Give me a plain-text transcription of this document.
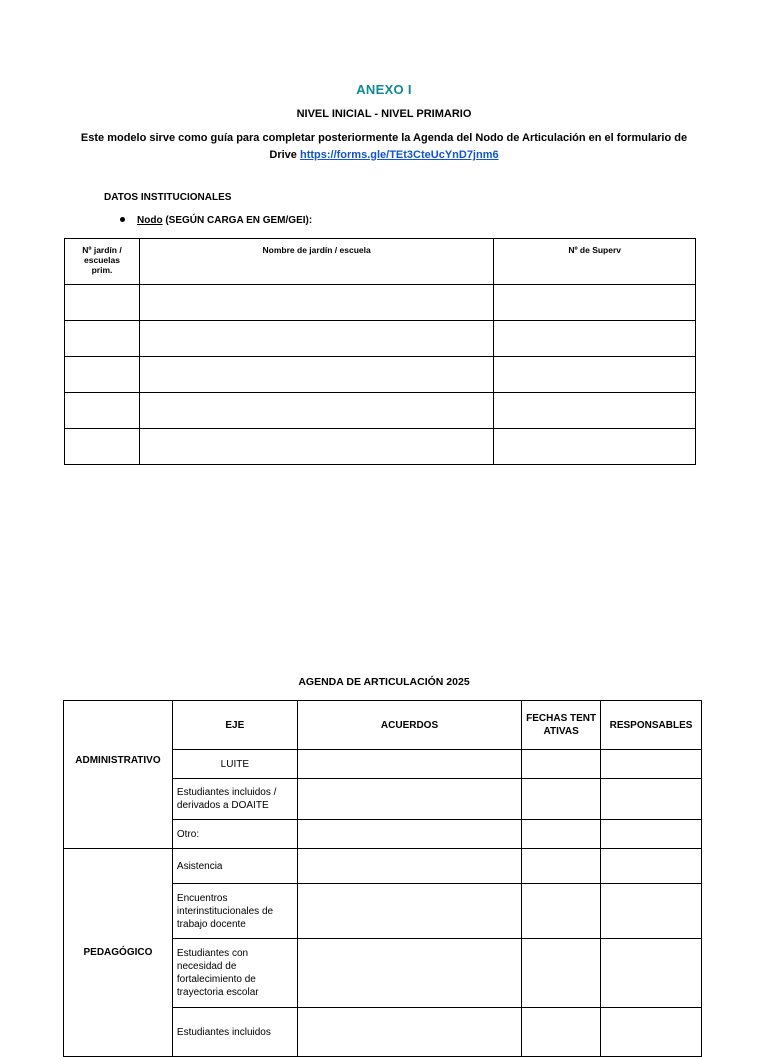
ANEXO I
NIVEL INICIAL - NIVEL PRIMARIO
Este modelo sirve como guía para completar posteriormente la Agenda del Nodo de Articulación en el formulario de Drive https://forms.gle/TEt3CteUcYnD7jnm6
DATOS INSTITUCIONALES
Nodo (SEGÚN CARGA EN GEM/GEI):
Nº jardín / escuelas prim.	Nombre de jardín / escuela	Nº de Superv

AGENDA DE ARTICULACIÓN 2025
	EJE	ACUERDOS	FECHAS TENTATIVAS	RESPONSABLES
ADMINISTRATIVO	LUITE			
	Estudiantes incluidos / derivados a DOAITE			
	Otro:			
PEDAGÓGICO	Asistencia			
	Encuentros interinstitucionales de trabajo docente			
	Estudiantes con necesidad de fortalecimiento de trayectoria escolar			
	Estudiantes incluidos			
